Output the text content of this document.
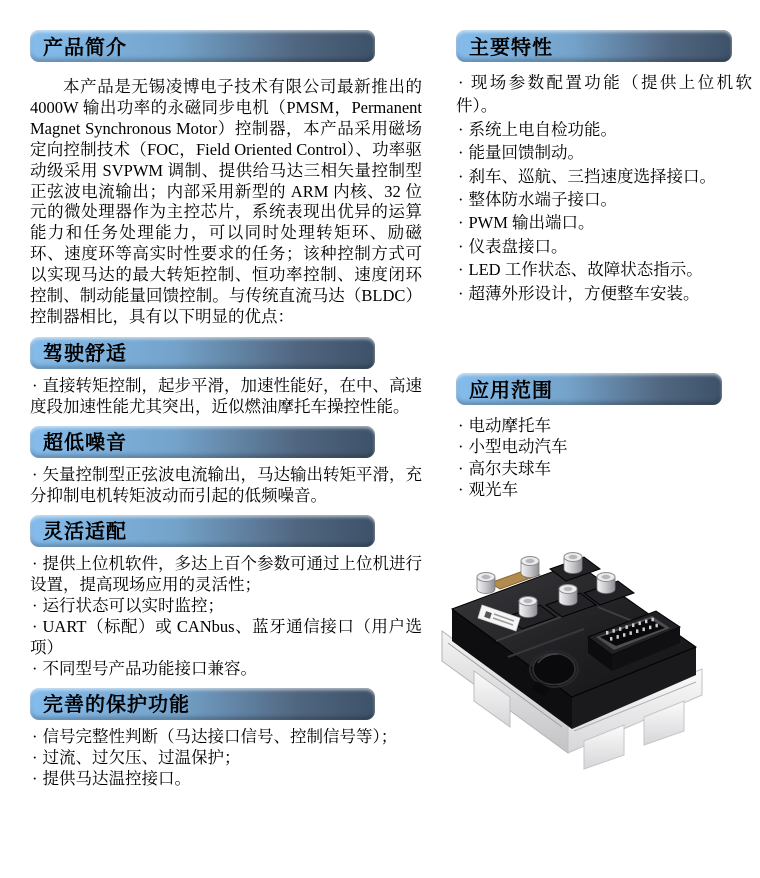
产品简介

本产品是无锡凌博电子技术有限公司最新推出的 4000W 输出功率的永磁同步电机（PMSM，Permanent Magnet Synchronous Motor）控制器，本产品采用磁场定向控制技术（FOC，Field Oriented Control）、功率驱动级采用 SVPWM 调制、提供给马达三相矢量控制型正弦波电流输出；内部采用新型的 ARM 内核、32 位元的微处理器作为主控芯片，系统表现出优异的运算能力和任务处理能力，可以同时处理转矩环、励磁环、速度环等高实时性要求的任务；该种控制方式可以实现马达的最大转矩控制、恒功率控制、速度闭环控制、制动能量回馈控制。与传统直流马达（BLDC）控制器相比，具有以下明显的优点：

驾驶舒适

· 直接转矩控制，起步平滑，加速性能好，在中、高速度段加速性能尤其突出，近似燃油摩托车操控性能。

超低噪音

· 矢量控制型正弦波电流输出，马达输出转矩平滑，充分抑制电机转矩波动而引起的低频噪音。

灵活适配

· 提供上位机软件，多达上百个参数可通过上位机进行设置，提高现场应用的灵活性；

· 运行状态可以实时监控；

· UART（标配）或 CANbus、蓝牙通信接口（用户选项）

· 不同型号产品功能接口兼容。

完善的保护功能

· 信号完整性判断（马达接口信号、控制信号等）；

· 过流、过欠压、过温保护；

· 提供马达温控接口。

主要特性

· 现场参数配置功能（提供上位机软件）。

· 系统上电自检功能。

· 能量回馈制动。

· 刹车、巡航、三挡速度选择接口。

· 整体防水端子接口。

· PWM 输出端口。

· 仪表盘接口。

· LED 工作状态、故障状态指示。

· 超薄外形设计，方便整车安装。

应用范围

· 电动摩托车

· 小型电动汽车

· 高尔夫球车

· 观光车
